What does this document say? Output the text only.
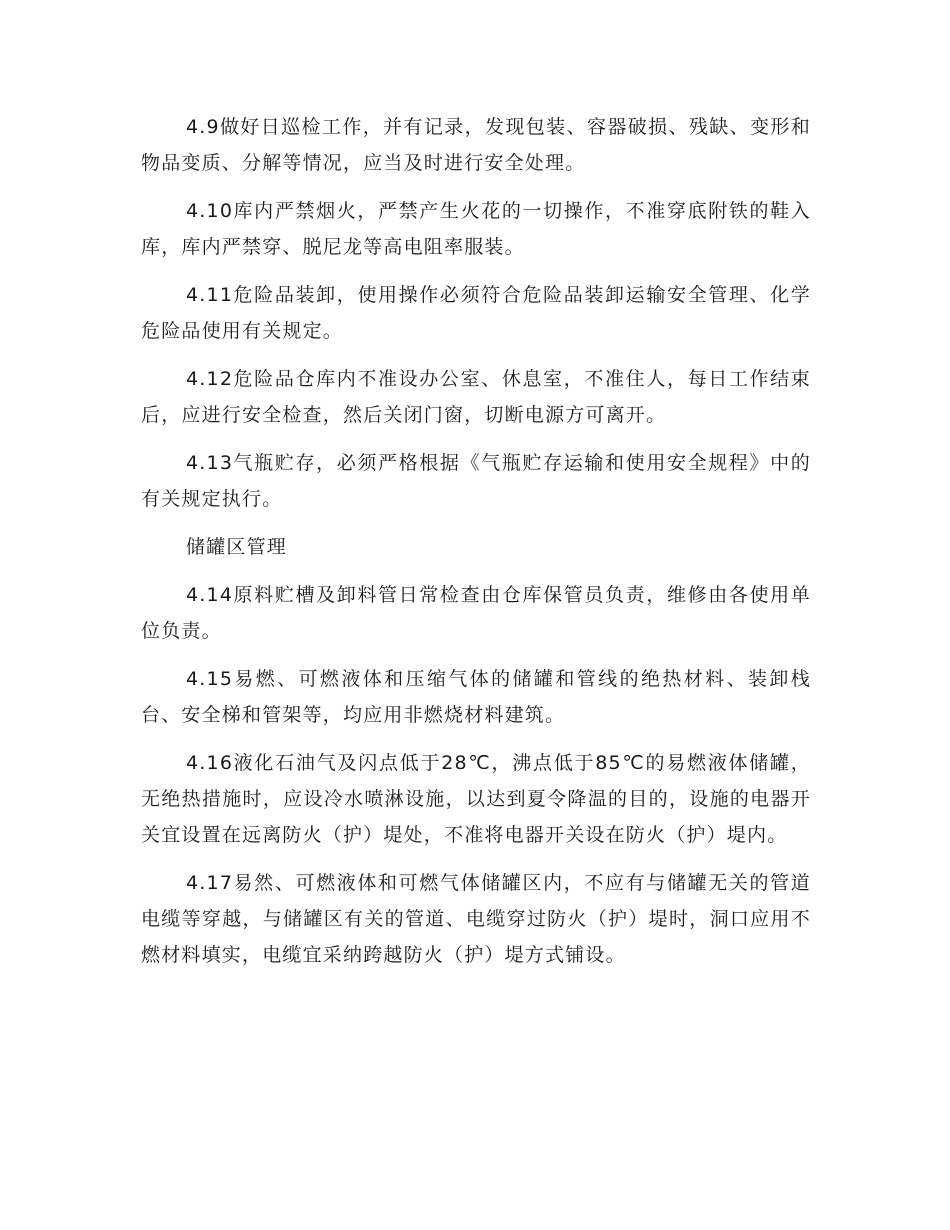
4.9做好日巡检工作，并有记录，发现包装、容器破损、残缺、变形和物品变质、分解等情况，应当及时进行安全处理。

4.10库内严禁烟火，严禁产生火花的一切操作，不准穿底附铁的鞋入库，库内严禁穿、脱尼龙等高电阻率服装。

4.11危险品装卸，使用操作必须符合危险品装卸运输安全管理、化学危险品使用有关规定。

4.12危险品仓库内不准设办公室、休息室，不准住人，每日工作结束后，应进行安全检查，然后关闭门窗，切断电源方可离开。

4.13气瓶贮存，必须严格根据《气瓶贮存运输和使用安全规程》中的有关规定执行。

储罐区管理

4.14原料贮槽及卸料管日常检查由仓库保管员负责，维修由各使用单位负责。

4.15易燃、可燃液体和压缩气体的储罐和管线的绝热材料、装卸栈台、安全梯和管架等，均应用非燃烧材料建筑。

4.16液化石油气及闪点低于28℃，沸点低于85℃的易燃液体储罐，无绝热措施时，应设冷水喷淋设施，以达到夏令降温的目的，设施的电器开关宜设置在远离防火（护）堤处，不准将电器开关设在防火（护）堤内。

4.17易然、可燃液体和可燃气体储罐区内，不应有与储罐无关的管道电缆等穿越，与储罐区有关的管道、电缆穿过防火（护）堤时，洞口应用不燃材料填实，电缆宜采纳跨越防火（护）堤方式铺设。
